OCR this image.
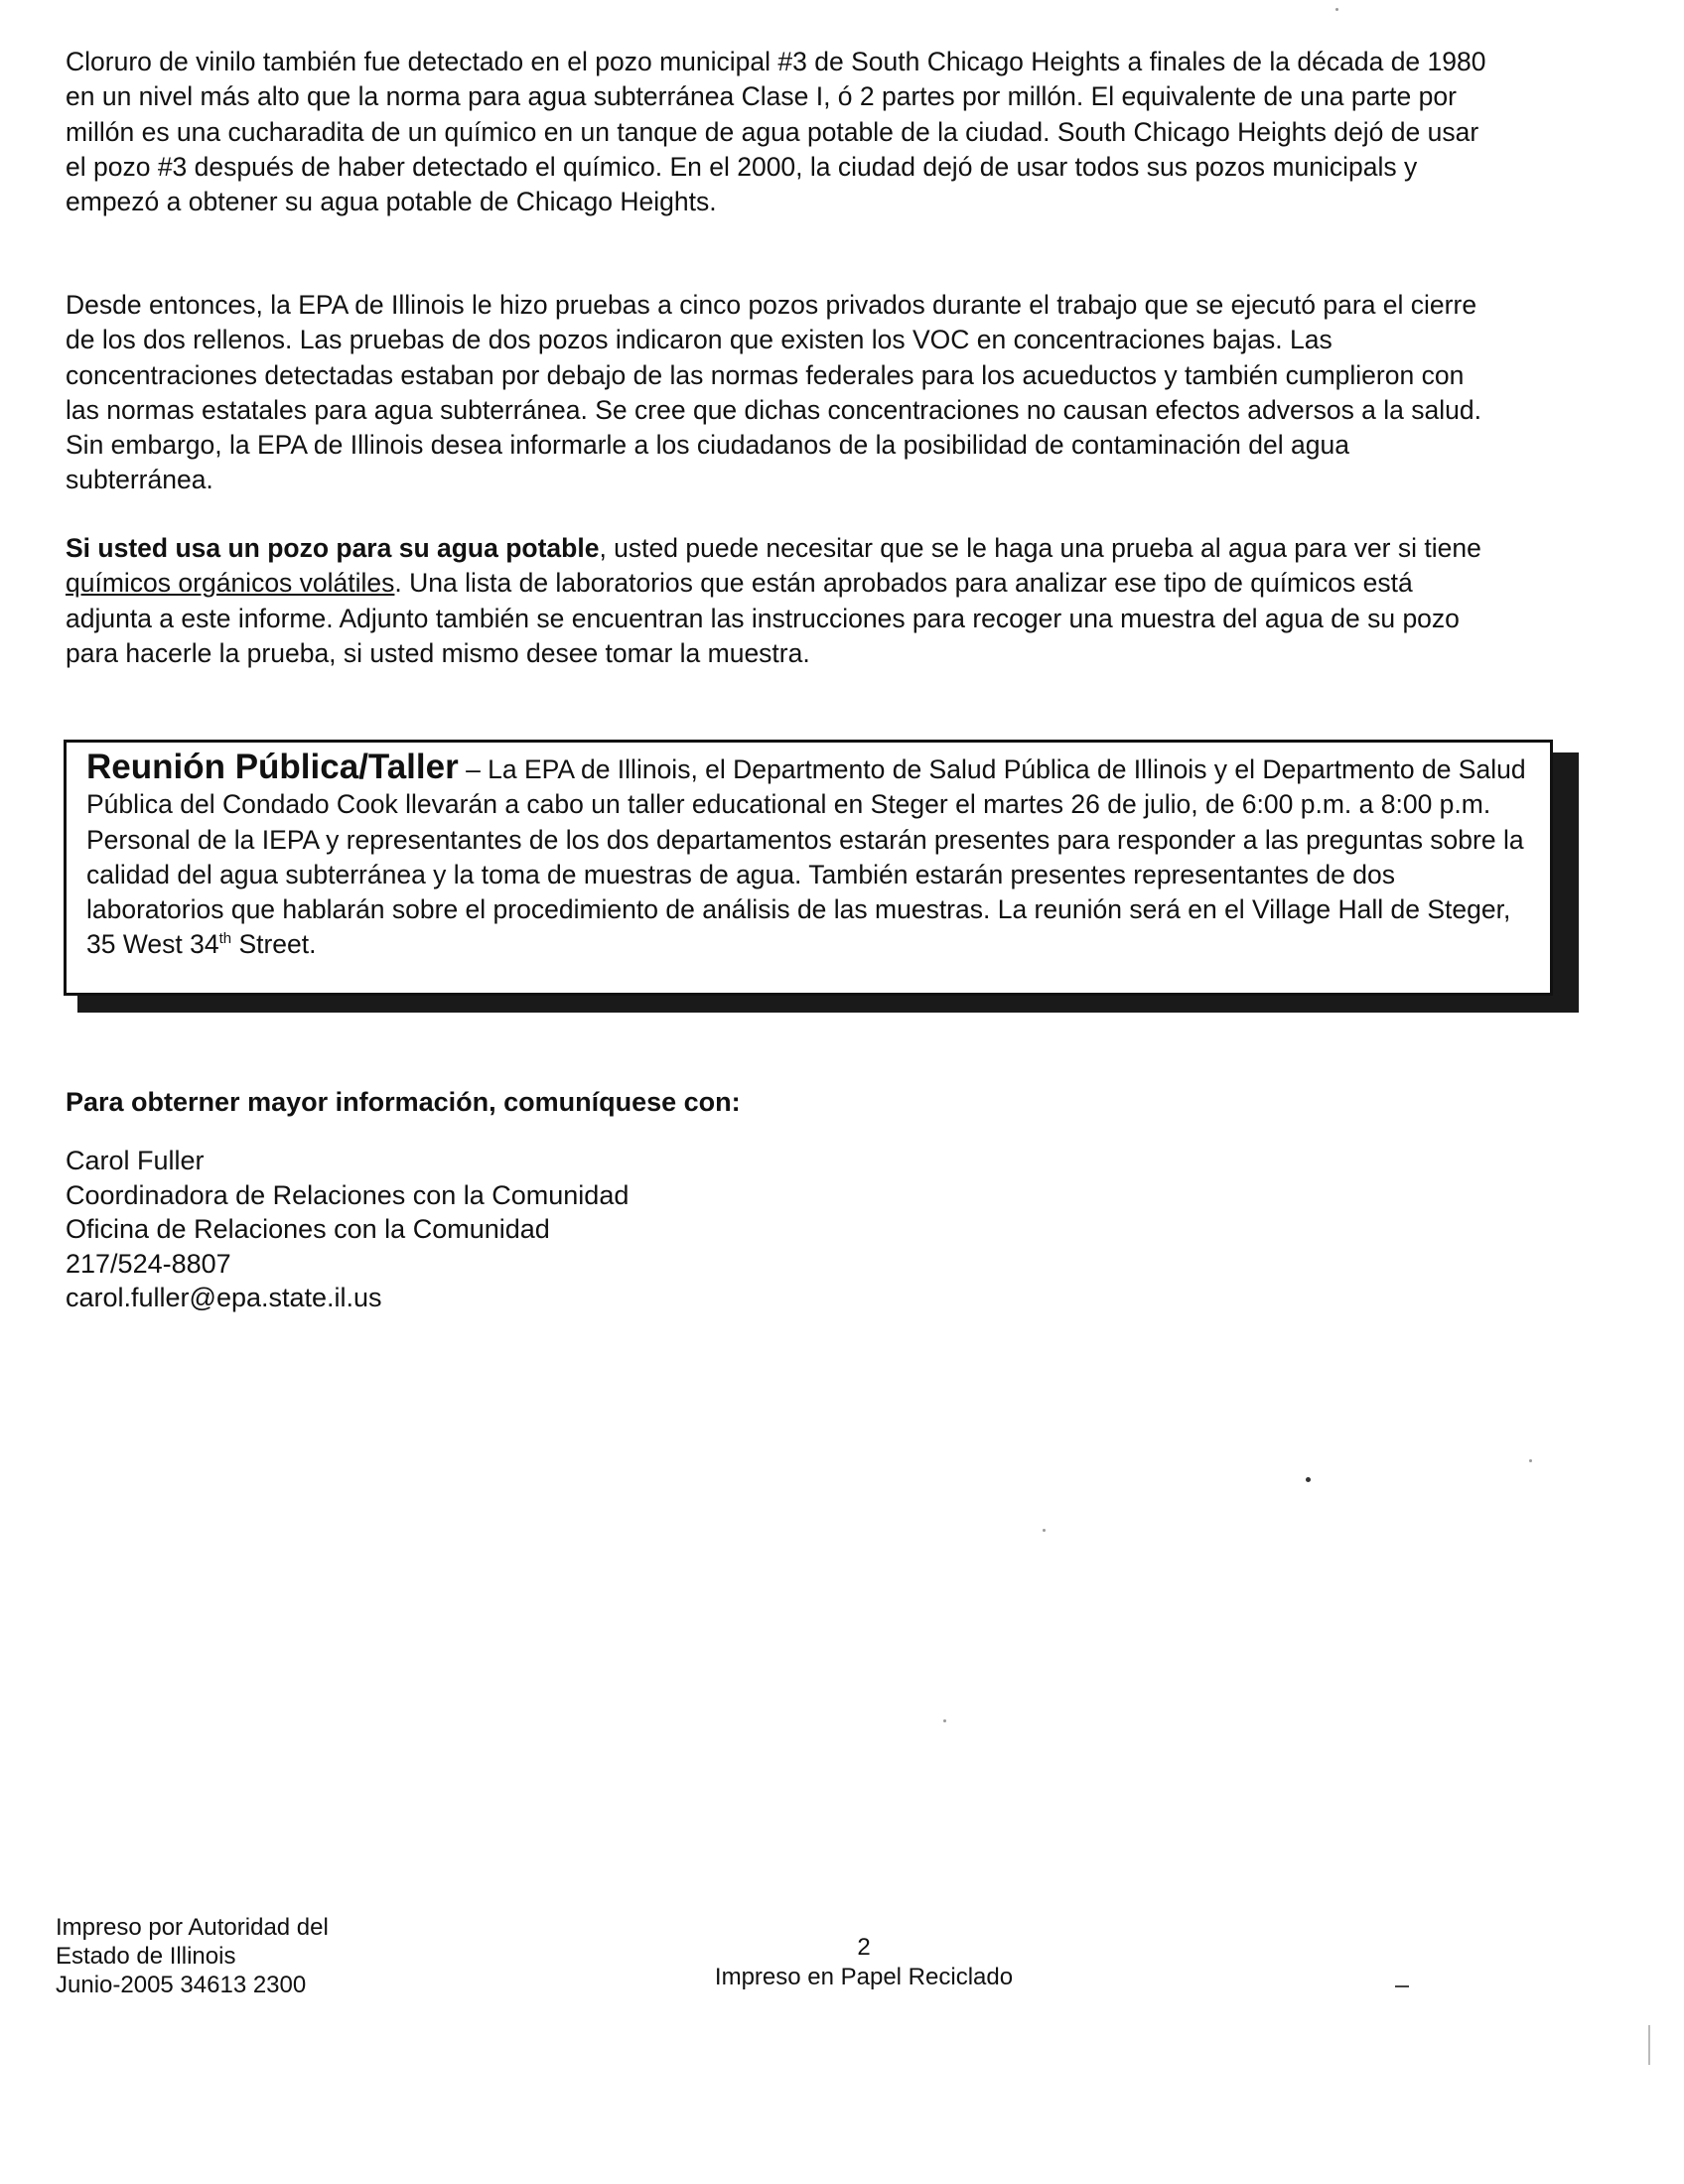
Cloruro de vinilo también fue detectado en el pozo municipal #3 de South Chicago Heights a finales de la década de 1980 en un nivel más alto que la norma para agua subterránea Clase I, ó 2 partes por millón. El equivalente de una parte por millón es una cucharadita de un químico en un tanque de agua potable de la ciudad. South Chicago Heights dejó de usar el pozo #3 después de haber detectado el químico. En el 2000, la ciudad dejó de usar todos sus pozos municipals y empezó a obtener su agua potable de Chicago Heights.

Desde entonces, la EPA de Illinois le hizo pruebas a cinco pozos privados durante el trabajo que se ejecutó para el cierre de los dos rellenos. Las pruebas de dos pozos indicaron que existen los VOC en concentraciones bajas. Las concentraciones detectadas estaban por debajo de las normas federales para los acueductos y también cumplieron con las normas estatales para agua subterránea. Se cree que dichas concentraciones no causan efectos adversos a la salud. Sin embargo, la EPA de Illinois desea informarle a los ciudadanos de la posibilidad de contaminación del agua subterránea.

Si usted usa un pozo para su agua potable, usted puede necesitar que se le haga una prueba al agua para ver si tiene químicos orgánicos volátiles. Una lista de laboratorios que están aprobados para analizar ese tipo de químicos está adjunta a este informe. Adjunto también se encuentran las instrucciones para recoger una muestra del agua de su pozo para hacerle la prueba, si usted mismo desee tomar la muestra.

Reunión Pública/Taller – La EPA de Illinois, el Departmento de Salud Pública de Illinois y el Departmento de Salud Pública del Condado Cook llevarán a cabo un taller educational en Steger el martes 26 de julio, de 6:00 p.m. a 8:00 p.m. Personal de la IEPA y representantes de los dos departamentos estarán presentes para responder a las preguntas sobre la calidad del agua subterránea y la toma de muestras de agua. También estarán presentes representantes de dos laboratorios que hablarán sobre el procedimiento de análisis de las muestras. La reunión será en el Village Hall de Steger, 35 West 34th Street.

Para obterner mayor información, comuníquese con:

Carol Fuller
Coordinadora de Relaciones con la Comunidad
Oficina de Relaciones con la Comunidad
217/524-8807
carol.fuller@epa.state.il.us
Impreso por Autoridad del
Estado de Illinois
Junio-2005 34613 2300
2
Impreso en Papel Reciclado
